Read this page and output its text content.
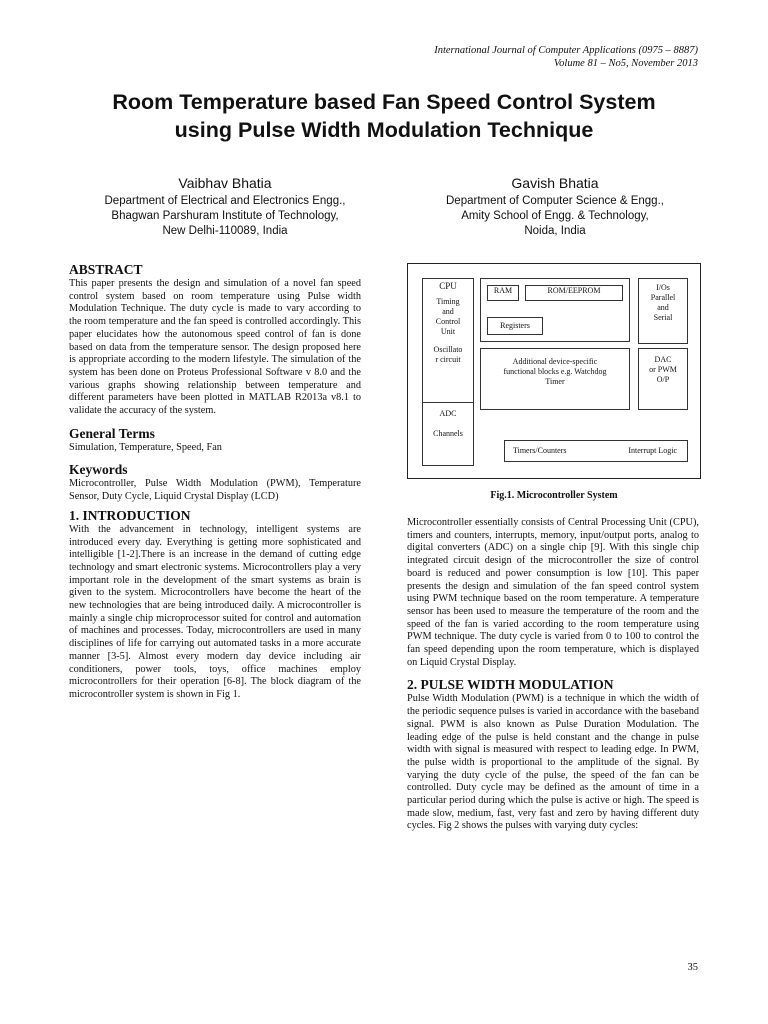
International Journal of Computer Applications (0975 – 8887)
Volume 81 – No5, November 2013
Room Temperature based Fan Speed Control System
using Pulse Width Modulation Technique
Vaibhav Bhatia
Department of Electrical and Electronics Engg.,
Bhagwan Parshuram Institute of Technology,
New Delhi-110089, India
Gavish Bhatia
Department of Computer Science & Engg.,
Amity School of Engg. & Technology,
Noida, India
ABSTRACT

This paper presents the design and simulation of a novel fan speed control system based on room temperature using Pulse width Modulation Technique. The duty cycle is made to vary according to the room temperature and the fan speed is controlled accordingly. This paper elucidates how the autonomous speed control of fan is done based on data from the temperature sensor. The design proposed here is appropriate according to the modern lifestyle. The simulation of the system has been done on Proteus Professional Software v 8.0 and the various graphs showing relationship between temperature and different parameters have been plotted in MATLAB R2013a v8.1 to validate the accuracy of the system.

General Terms

Simulation, Temperature, Speed, Fan

Keywords

Microcontroller, Pulse Width Modulation (PWM), Temperature Sensor, Duty Cycle, Liquid Crystal Display (LCD)

1. INTRODUCTION

With the advancement in technology, intelligent systems are introduced every day. Everything is getting more sophisticated and intelligible [1-2].There is an increase in the demand of cutting edge technology and smart electronic systems. Microcontrollers play a very important role in the development of the smart systems as brain is given to the system. Microcontrollers have become the heart of the new technologies that are being introduced daily. A microcontroller is mainly a single chip microprocessor suited for control and automation of machines and processes. Today, microcontrollers are used in many disciplines of life for carrying out automated tasks in a more accurate manner [3-5]. Almost every modern day device including air conditioners, power tools, toys, office machines employ microcontrollers for their operation [6-8]. The block diagram of the microcontroller system is shown in Fig 1.

CPU
Timing
and
Control
Unit
Oscillato
r circuit
RAM	ROM/EEPROM
Registers
Additional device-specific
functional blocks e.g. Watchdog
Timer
I/Os
Parallel
and
Serial
DAC
or PWM
O/P
ADC
Channels
Timers/Counters	Interrupt Logic
Fig.1. Microcontroller System

Microcontroller essentially consists of Central Processing Unit (CPU), timers and counters, interrupts, memory, input/output ports, analog to digital converters (ADC) on a single chip [9]. With this single chip integrated circuit design of the microcontroller the size of control board is reduced and power consumption is low [10]. This paper presents the design and simulation of the fan speed control system using PWM technique based on the room temperature. A temperature sensor has been used to measure the temperature of the room and the speed of the fan is varied according to the room temperature using PWM technique. The duty cycle is varied from 0 to 100 to control the fan speed depending upon the room temperature, which is displayed on Liquid Crystal Display.

2. PULSE WIDTH MODULATION

Pulse Width Modulation (PWM) is a technique in which the width of the periodic sequence pulses is varied in accordance with the baseband signal. PWM is also known as Pulse Duration Modulation. The leading edge of the pulse is held constant and the change in pulse width with signal is measured with respect to leading edge. In PWM, the pulse width is proportional to the amplitude of the signal. By varying the duty cycle of the pulse, the speed of the fan can be controlled. Duty cycle may be defined as the amount of time in a particular period during which the pulse is active or high. The speed is made slow, medium, fast, very fast and zero by having different duty cycles. Fig 2 shows the pulses with varying duty cycles:

35
